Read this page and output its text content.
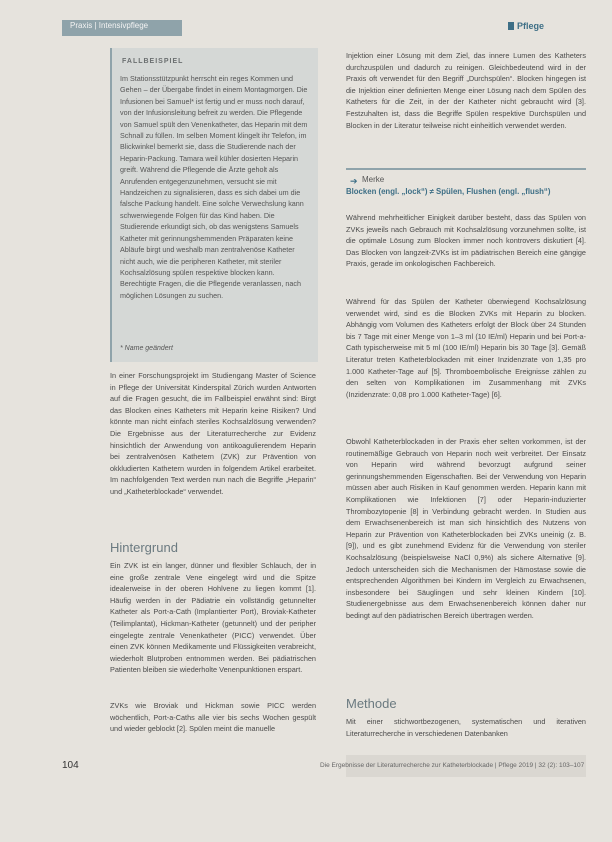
Praxis | Intensivpflege	Pflege
FALLBEISPIEL
Im Stationsstützpunkt herrscht ein reges Kommen und Gehen – der Übergabe findet in einem Montagmorgen. Die Infusionen bei Samuel* ist fertig und er muss noch darauf, von der Infusionsleitung befreit zu werden. Die Pflegende von Samuel spült den Venenkatheter, das Heparin mit dem Schnall zu füllen. Im selben Moment klingelt ihr Telefon, im Blickwinkel bemerkt sie, dass die Studierende nach der Heparin-Packung. Tamara weil kühler dosierten Heparin greift. Während die Pflegende die Ärzte geholt als Anrufenden entgegenzunehmen, versucht sie mit Handzeichen zu signalisieren, dass es sich dabei um die falsche Packung handelt. Eine solche Verwechslung kann schwerwiegende Folgen für das Kind haben. Die Studierende erkundigt sich, ob das wenigstens Samuels Katheter mit gerinnungshemmenden Präparaten keine Abläufe birgt und weshalb man zentralvenöse Katheter nicht auch, wie die peripheren Katheter, mit steriler Kochsalzlösung spülen respektive blocken kann. Berechtigte Fragen, die die Pflegende veranlassen, nach möglichen Lösungen zu suchen.
* Name geändert
In einer Forschungsprojekt im Studiengang Master of Science in Pflege der Universität Kinderspital Zürich wurden Antworten auf die Fragen gesucht, die im Fallbeispiel erwähnt sind: Birgt das Blocken eines Katheters mit Heparin keine Risiken? Und könnte man nicht einfach steriles Kochsalzlösung verwenden? Die Ergebnisse aus der Literaturrecherche zur Evidenz hinsichtlich der Anwendung von antikoagulierendem Heparin bei zentralvenösen Kathetern (ZVK) zur Prävention von okkludierten Kathetern wurden in folgendem Artikel erarbeitet. Im nachfolgenden Text werden nun nach die Begriffe „Heparin“ und „Katheterblockade“ verwendet.
Hintergrund
Ein ZVK ist ein langer, dünner und flexibler Schlauch, der in eine große zentrale Vene eingelegt wird und die Spitze idealerweise in der oberen Hohlvene zu liegen kommt [1]. Häufig werden in der Pädiatrie ein vollständig getunnelter Katheter als Port-a-Cath (Implantierter Port), Broviak-Katheter (Teilimplantat), Hickman-Katheter (getunnelt) und der peripher eingelegte zentrale Venenkatheter (PICC) verwendet. Über einen ZVK können Medikamente und Flüssigkeiten verabreicht, wiederholt Blutproben entnommen werden. Bei pädiatrischen Patienten bleiben sie wiederholte Venenpunktionen erspart.
ZVKs wie Broviak und Hickman sowie PICC werden wöchentlich, Port-a-Caths alle vier bis sechs Wochen gespült und wieder geblockt [2]. Spülen meint die manuelle
Injektion einer Lösung mit dem Ziel, das innere Lumen des Katheters durchzuspülen und dadurch zu reinigen. Gleichbedeutend wird in der Praxis oft verwendet für den Begriff „Durchspülen“. Blocken hingegen ist die Injektion einer definierten Menge einer Lösung nach dem Spülen des Katheters für die Zeit, in der der Katheter nicht gebraucht wird [3]. Festzuhalten ist, dass die Begriffe Spülen respektive Durchspülen und Blocken in der Literatur teilweise nicht einheitlich verwendet werden.
➔ Merke
Blocken (engl. „lock“) ≠ Spülen, Flushen (engl. „flush“)
Während mehrheitlicher Einigkeit darüber besteht, dass das Spülen von ZVKs jeweils nach Gebrauch mit Kochsalzlösung vorzunehmen sollte, ist die optimale Lösung zum Blocken immer noch kontrovers diskutiert [4]. Das Blocken von langzeit-ZVKs ist im pädiatrischen Bereich eine gängige Praxis, gerade im onkologischen Fachbereich.
Während für das Spülen der Katheter überwiegend Kochsalzlösung verwendet wird, sind es die Blocken ZVKs mit Heparin zu blocken. Abhängig vom Volumen des Katheters erfolgt der Block über 24 Stunden bis 7 Tage mit einer Menge von 1–3 ml (10 IE/ml) Heparin und bei Port-a-Cath typischerweise mit 5 ml (100 IE/ml) Heparin bis 30 Tage [3]. Gemäß Literatur treten Katheterblockaden mit einer Inzidenzrate von 1,35 pro 1.000 Katheter-Tage auf [5]. Thromboembolische Ereignisse zählen zu den selten von Komplikationen im Zusammenhang mit ZVKs (Inzidenzrate: 0,08 pro 1.000 Katheter-Tage) [6].
Obwohl Katheterblockaden in der Praxis eher selten vorkommen, ist der routinemäßige Gebrauch von Heparin noch weit verbreitet. Der Einsatz von Heparin wird während bevorzugt aufgrund seiner gerinnungshemmenden Eigenschaften. Bei der Verwendung von Heparin müssen aber auch Risiken in Kauf genommen werden. Heparin kann mit Komplikationen wie Infektionen [7] oder Heparin-induzierter Thrombozytopenie [8] in Verbindung gebracht werden. In Studien aus dem Erwachsenenbereich ist man sich hinsichtlich des Nutzens von Heparin zur Prävention von Katheterblockaden bei ZVKs uneinig (z. B. [9]), und es gibt zunehmend Evidenz für die Verwendung von steriler Kochsalzlösung (beispielsweise NaCl 0,9%) als sichere Alternative [9]. Jedoch unterscheiden sich die Mechanismen der Hämostase sowie die entsprechenden Algorithmen bei Kindern im Vergleich zu Erwachsenen, insbesondere bei Säuglingen und sehr kleinen Kindern [10]. Studienergebnisse aus dem Erwachsenenbereich können daher nur bedingt auf den pädiatrischen Bereich übertragen werden.
Methode
Mit einer stichwortbezogenen, systematischen und iterativen Literaturrecherche in verschiedenen Datenbanken
104	Die Ergebnisse der Literaturrecherche zur Katheterblockade | Pflege 2019 | 32 (2): 103–107
